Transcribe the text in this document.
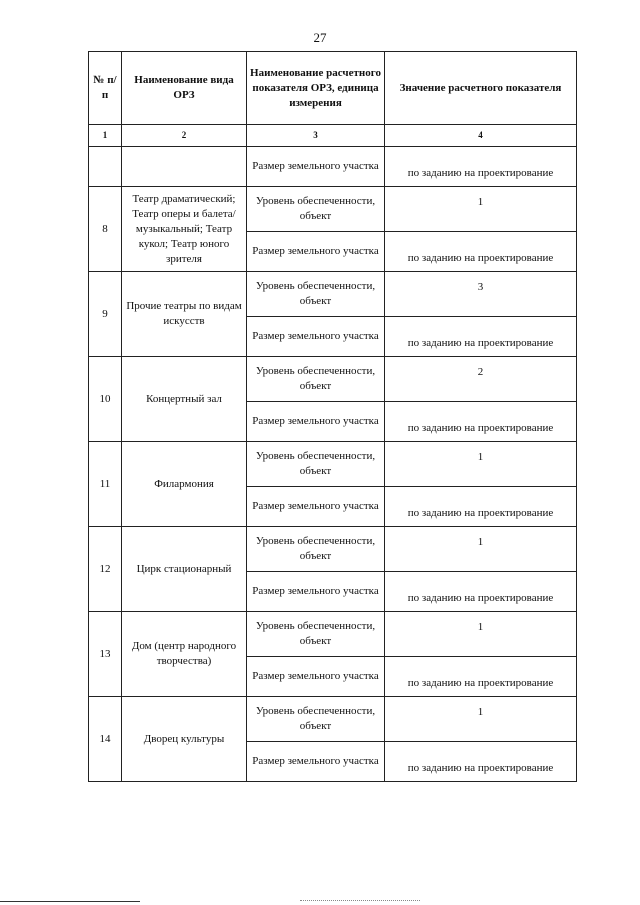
27
№ п/п	Наименование вида ОРЗ	Наименование расчетного показателя ОРЗ, единица измерения	Значение расчетного показателя
1	2	3	4
		Размер земельного участка	по заданию на проектирование
8	Театр драматический; Театр оперы и балета/музыкальный; Театр кукол; Театр юного зрителя	Уровень обеспеченности, объект	1
		Размер земельного участка	по заданию на проектирование
9	Прочие театры по видам искусств	Уровень обеспеченности, объект	3
		Размер земельного участка	по заданию на проектирование
10	Концертный зал	Уровень обеспеченности, объект	2
		Размер земельного участка	по заданию на проектирование
11	Филармония	Уровень обеспеченности, объект	1
		Размер земельного участка	по заданию на проектирование
12	Цирк стационарный	Уровень обеспеченности, объект	1
		Размер земельного участка	по заданию на проектирование
13	Дом (центр народного творчества)	Уровень обеспеченности, объект	1
		Размер земельного участка	по заданию на проектирование
14	Дворец культуры	Уровень обеспеченности, объект	1
		Размер земельного участка	по заданию на проектирование
